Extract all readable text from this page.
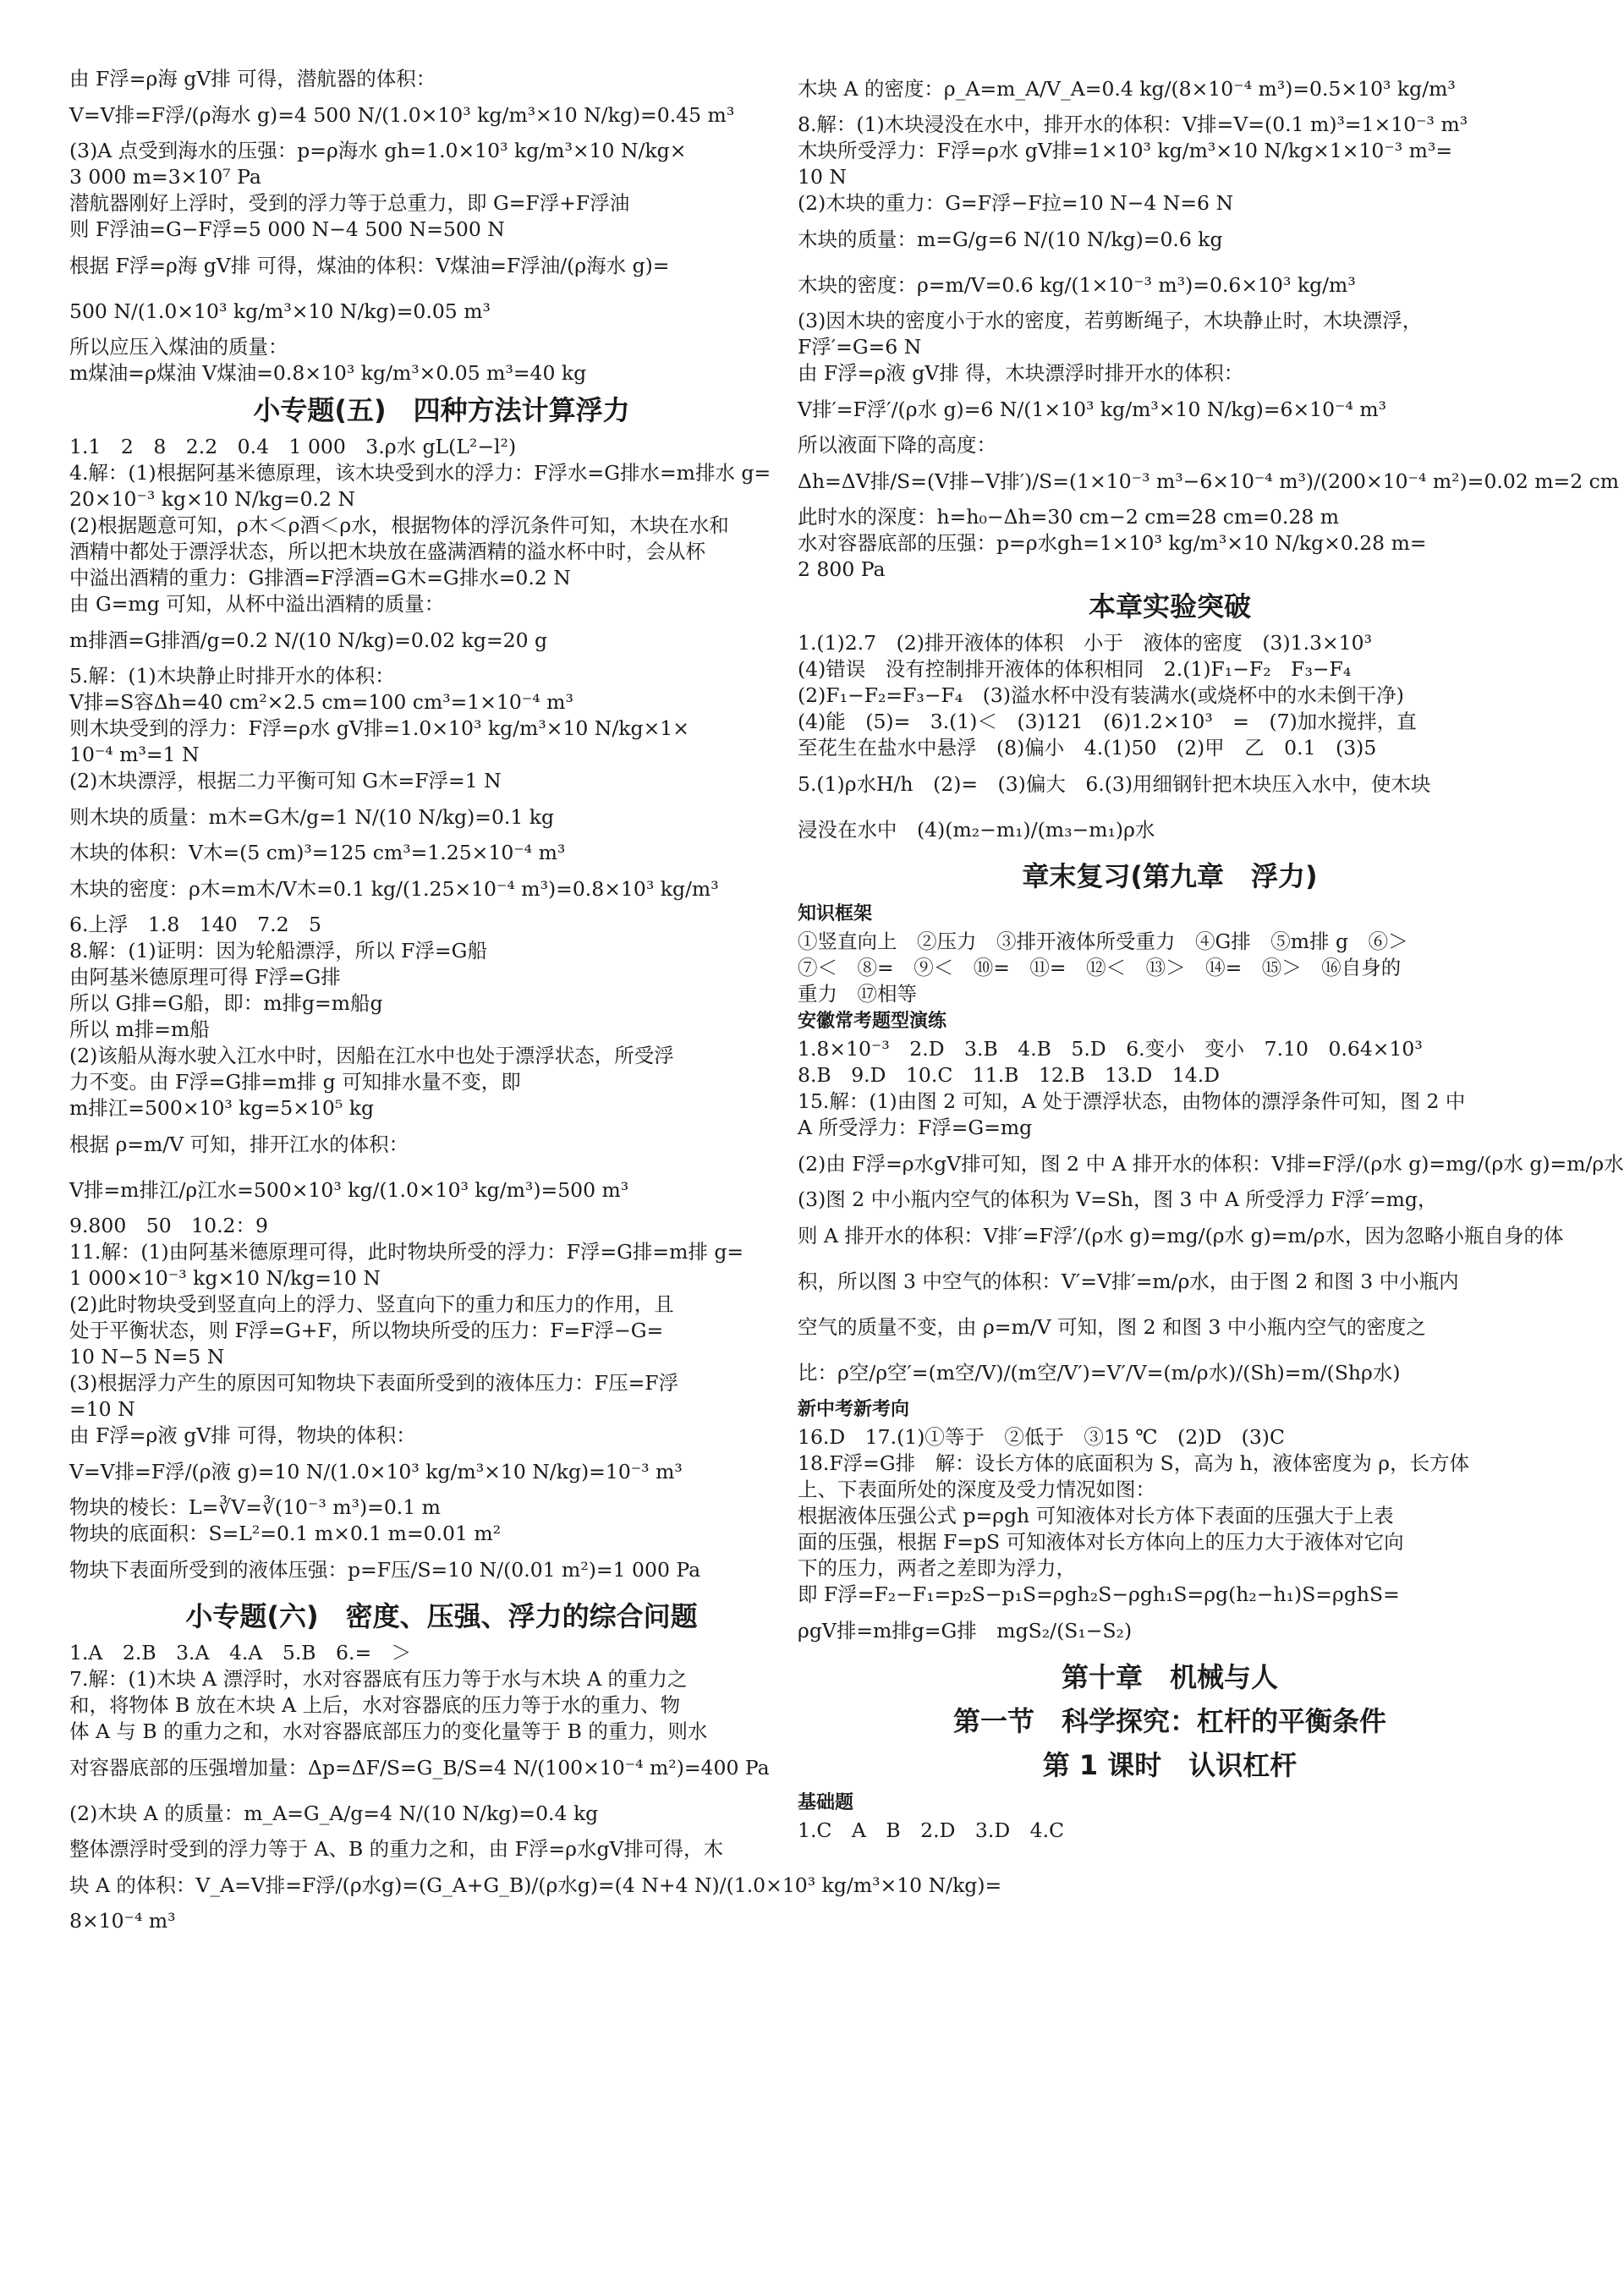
由 F浮=ρ海 gV排 可得，潜航器的体积：
V=V排=F浮/(ρ海水 g)=4 500 N/(1.0×10³ kg/m³×10 N/kg)=0.45 m³
(3)A 点受到海水的压强：p=ρ海水 gh=1.0×10³ kg/m³×10 N/kg×
3 000 m=3×10⁷ Pa
潜航器刚好上浮时，受到的浮力等于总重力，即 G=F浮+F浮油
则 F浮油=G−F浮=5 000 N−4 500 N=500 N
根据 F浮=ρ海 gV排 可得，煤油的体积：V煤油=F浮油/(ρ海水 g)=
500 N/(1.0×10³ kg/m³×10 N/kg)=0.05 m³
所以应压入煤油的质量：
m煤油=ρ煤油 V煤油=0.8×10³ kg/m³×0.05 m³=40 kg
小专题(五)　四种方法计算浮力
1.1　2　8　2.2　0.4　1 000　3.ρ水 gL(L²−l²)
4.解：(1)根据阿基米德原理，该木块受到水的浮力：F浮水=G排水=m排水 g=
20×10⁻³ kg×10 N/kg=0.2 N
(2)根据题意可知，ρ木＜ρ酒＜ρ水，根据物体的浮沉条件可知，木块在水和
酒精中都处于漂浮状态，所以把木块放在盛满酒精的溢水杯中时，会从杯
中溢出酒精的重力：G排酒=F浮酒=G木=G排水=0.2 N
由 G=mg 可知，从杯中溢出酒精的质量：
m排酒=G排酒/g=0.2 N/(10 N/kg)=0.02 kg=20 g
5.解：(1)木块静止时排开水的体积：
V排=S容Δh=40 cm²×2.5 cm=100 cm³=1×10⁻⁴ m³
则木块受到的浮力：F浮=ρ水 gV排=1.0×10³ kg/m³×10 N/kg×1×
10⁻⁴ m³=1 N
(2)木块漂浮，根据二力平衡可知 G木=F浮=1 N
则木块的质量：m木=G木/g=1 N/(10 N/kg)=0.1 kg
木块的体积：V木=(5 cm)³=125 cm³=1.25×10⁻⁴ m³
木块的密度：ρ木=m木/V木=0.1 kg/(1.25×10⁻⁴ m³)=0.8×10³ kg/m³
6.上浮　1.8　140　7.2　5
8.解：(1)证明：因为轮船漂浮，所以 F浮=G船
由阿基米德原理可得 F浮=G排
所以 G排=G船，即：m排g=m船g
所以 m排=m船
(2)该船从海水驶入江水中时，因船在江水中也处于漂浮状态，所受浮
力不变。由 F浮=G排=m排 g 可知排水量不变，即
m排江=500×10³ kg=5×10⁵ kg
根据 ρ=m/V 可知，排开江水的体积：
V排=m排江/ρ江水=500×10³ kg/(1.0×10³ kg/m³)=500 m³
9.800　50　10.2：9
11.解：(1)由阿基米德原理可得，此时物块所受的浮力：F浮=G排=m排 g=
1 000×10⁻³ kg×10 N/kg=10 N
(2)此时物块受到竖直向上的浮力、竖直向下的重力和压力的作用，且
处于平衡状态，则 F浮=G+F，所以物块所受的压力：F=F浮−G=
10 N−5 N=5 N
(3)根据浮力产生的原因可知物块下表面所受到的液体压力：F压=F浮
=10 N
由 F浮=ρ液 gV排 可得，物块的体积：
V=V排=F浮/(ρ液 g)=10 N/(1.0×10³ kg/m³×10 N/kg)=10⁻³ m³
物块的棱长：L=∛V=∛(10⁻³ m³)=0.1 m
物块的底面积：S=L²=0.1 m×0.1 m=0.01 m²
物块下表面所受到的液体压强：p=F压/S=10 N/(0.01 m²)=1 000 Pa
小专题(六)　密度、压强、浮力的综合问题
1.A　2.B　3.A　4.A　5.B　6.=　＞
7.解：(1)木块 A 漂浮时，水对容器底有压力等于水与木块 A 的重力之
和，将物体 B 放在木块 A 上后，水对容器底的压力等于水的重力、物
体 A 与 B 的重力之和，水对容器底部压力的变化量等于 B 的重力，则水
对容器底部的压强增加量：Δp=ΔF/S=G_B/S=4 N/(100×10⁻⁴ m²)=400 Pa
(2)木块 A 的质量：m_A=G_A/g=4 N/(10 N/kg)=0.4 kg
整体漂浮时受到的浮力等于 A、B 的重力之和，由 F浮=ρ水gV排可得，木
块 A 的体积：V_A=V排=F浮/(ρ水g)=(G_A+G_B)/(ρ水g)=(4 N+4 N)/(1.0×10³ kg/m³×10 N/kg)=
8×10⁻⁴ m³
木块 A 的密度：ρ_A=m_A/V_A=0.4 kg/(8×10⁻⁴ m³)=0.5×10³ kg/m³
8.解：(1)木块浸没在水中，排开水的体积：V排=V=(0.1 m)³=1×10⁻³ m³
木块所受浮力：F浮=ρ水 gV排=1×10³ kg/m³×10 N/kg×1×10⁻³ m³=
10 N
(2)木块的重力：G=F浮−F拉=10 N−4 N=6 N
木块的质量：m=G/g=6 N/(10 N/kg)=0.6 kg
木块的密度：ρ=m/V=0.6 kg/(1×10⁻³ m³)=0.6×10³ kg/m³
(3)因木块的密度小于水的密度，若剪断绳子，木块静止时，木块漂浮，
F浮′=G=6 N
由 F浮=ρ液 gV排 得，木块漂浮时排开水的体积：
V排′=F浮′/(ρ水 g)=6 N/(1×10³ kg/m³×10 N/kg)=6×10⁻⁴ m³
所以液面下降的高度：
Δh=ΔV排/S=(V排−V排′)/S=(1×10⁻³ m³−6×10⁻⁴ m³)/(200×10⁻⁴ m²)=0.02 m=2 cm
此时水的深度：h=h₀−Δh=30 cm−2 cm=28 cm=0.28 m
水对容器底部的压强：p=ρ水gh=1×10³ kg/m³×10 N/kg×0.28 m=
2 800 Pa
本章实验突破
1.(1)2.7　(2)排开液体的体积　小于　液体的密度　(3)1.3×10³
(4)错误　没有控制排开液体的体积相同　2.(1)F₁−F₂　F₃−F₄
(2)F₁−F₂=F₃−F₄　(3)溢水杯中没有装满水(或烧杯中的水未倒干净)
(4)能　(5)=　3.(1)＜　(3)121　(6)1.2×10³　=　(7)加水搅拌，直
至花生在盐水中悬浮　(8)偏小　4.(1)50　(2)甲　乙　0.1　(3)5
5.(1)ρ水H/h　(2)=　(3)偏大　6.(3)用细钢针把木块压入水中，使木块
浸没在水中　(4)(m₂−m₁)/(m₃−m₁)ρ水
章末复习(第九章　浮力)
知识框架
①竖直向上　②压力　③排开液体所受重力　④G排　⑤m排 g　⑥＞
⑦＜　⑧=　⑨＜　⑩=　⑪=　⑫＜　⑬＞　⑭=　⑮＞　⑯自身的
重力　⑰相等
安徽常考题型演练
1.8×10⁻³　2.D　3.B　4.B　5.D　6.变小　变小　7.10　0.64×10³
8.B　9.D　10.C　11.B　12.B　13.D　14.D
15.解：(1)由图 2 可知，A 处于漂浮状态，由物体的漂浮条件可知，图 2 中
A 所受浮力：F浮=G=mg
(2)由 F浮=ρ水gV排可知，图 2 中 A 排开水的体积：V排=F浮/(ρ水 g)=mg/(ρ水 g)=m/ρ水
(3)图 2 中小瓶内空气的体积为 V=Sh，图 3 中 A 所受浮力 F浮′=mg，
则 A 排开水的体积：V排′=F浮′/(ρ水 g)=mg/(ρ水 g)=m/ρ水，因为忽略小瓶自身的体
积，所以图 3 中空气的体积：V′=V排′=m/ρ水，由于图 2 和图 3 中小瓶内
空气的质量不变，由 ρ=m/V 可知，图 2 和图 3 中小瓶内空气的密度之
比：ρ空/ρ空′=(m空/V)/(m空/V′)=V′/V=(m/ρ水)/(Sh)=m/(Shρ水)
新中考新考向
16.D　17.(1)①等于　②低于　③15 ℃　(2)D　(3)C
18.F浮=G排　解：设长方体的底面积为 S，高为 h，液体密度为 ρ，长方体
上、下表面所处的深度及受力情况如图：
根据液体压强公式 p=ρgh 可知液体对长方体下表面的压强大于上表
面的压强，根据 F=pS 可知液体对长方体向上的压力大于液体对它向
下的压力，两者之差即为浮力，
即 F浮=F₂−F₁=p₂S−p₁S=ρgh₂S−ρgh₁S=ρg(h₂−h₁)S=ρghS=
ρgV排=m排g=G排　mgS₂/(S₁−S₂)
第十章　机械与人
第一节　科学探究：杠杆的平衡条件
第 1 课时　认识杠杆
基础题
1.C　A　B　2.D　3.D　4.C
